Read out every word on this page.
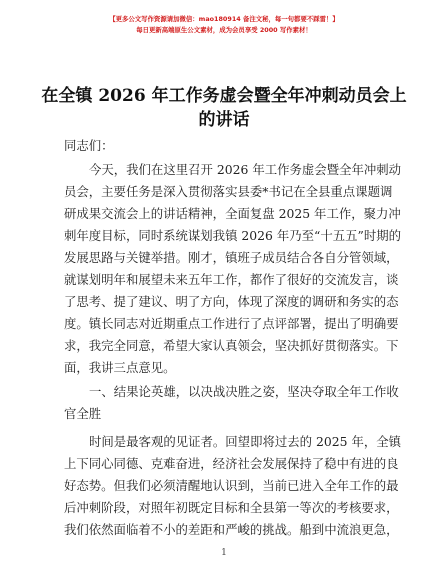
【更多公文写作资源请加微信：mao180914 备注文秘，每一句都要不踩雷！】
每日更新高端原生公文素材，成为会员享受 2000 写作素材！
在全镇 2026 年工作务虚会暨全年冲刺动员会上
的讲话
同志们：
今天，我们在这里召开 2026 年工作务虚会暨全年冲刺动
员会，主要任务是深入贯彻落实县委*书记在全县重点课题调
研成果交流会上的讲话精神，全面复盘 2025 年工作，聚力冲
刺年度目标，同时系统谋划我镇 2026 年乃至“十五五”时期的
发展思路与关键举措。刚才，镇班子成员结合各自分管领域，
就谋划明年和展望未来五年工作，都作了很好的交流发言，谈
了思考、提了建议、明了方向，体现了深度的调研和务实的态
度。镇长同志对近期重点工作进行了点评部署，提出了明确要
求，我完全同意，希望大家认真领会，坚决抓好贯彻落实。下
面，我讲三点意见。
一、结果论英雄，以决战决胜之姿，坚决夺取全年工作收
官全胜
时间是最客观的见证者。回望即将过去的 2025 年，全镇
上下同心同德、克难奋进，经济社会发展保持了稳中有进的良
好态势。但我们必须清醒地认识到，当前已进入全年工作的最
后冲刺阶段，对照年初既定目标和全县第一等次的考核要求，
我们依然面临着不小的差距和严峻的挑战。船到中流浪更急，
1
